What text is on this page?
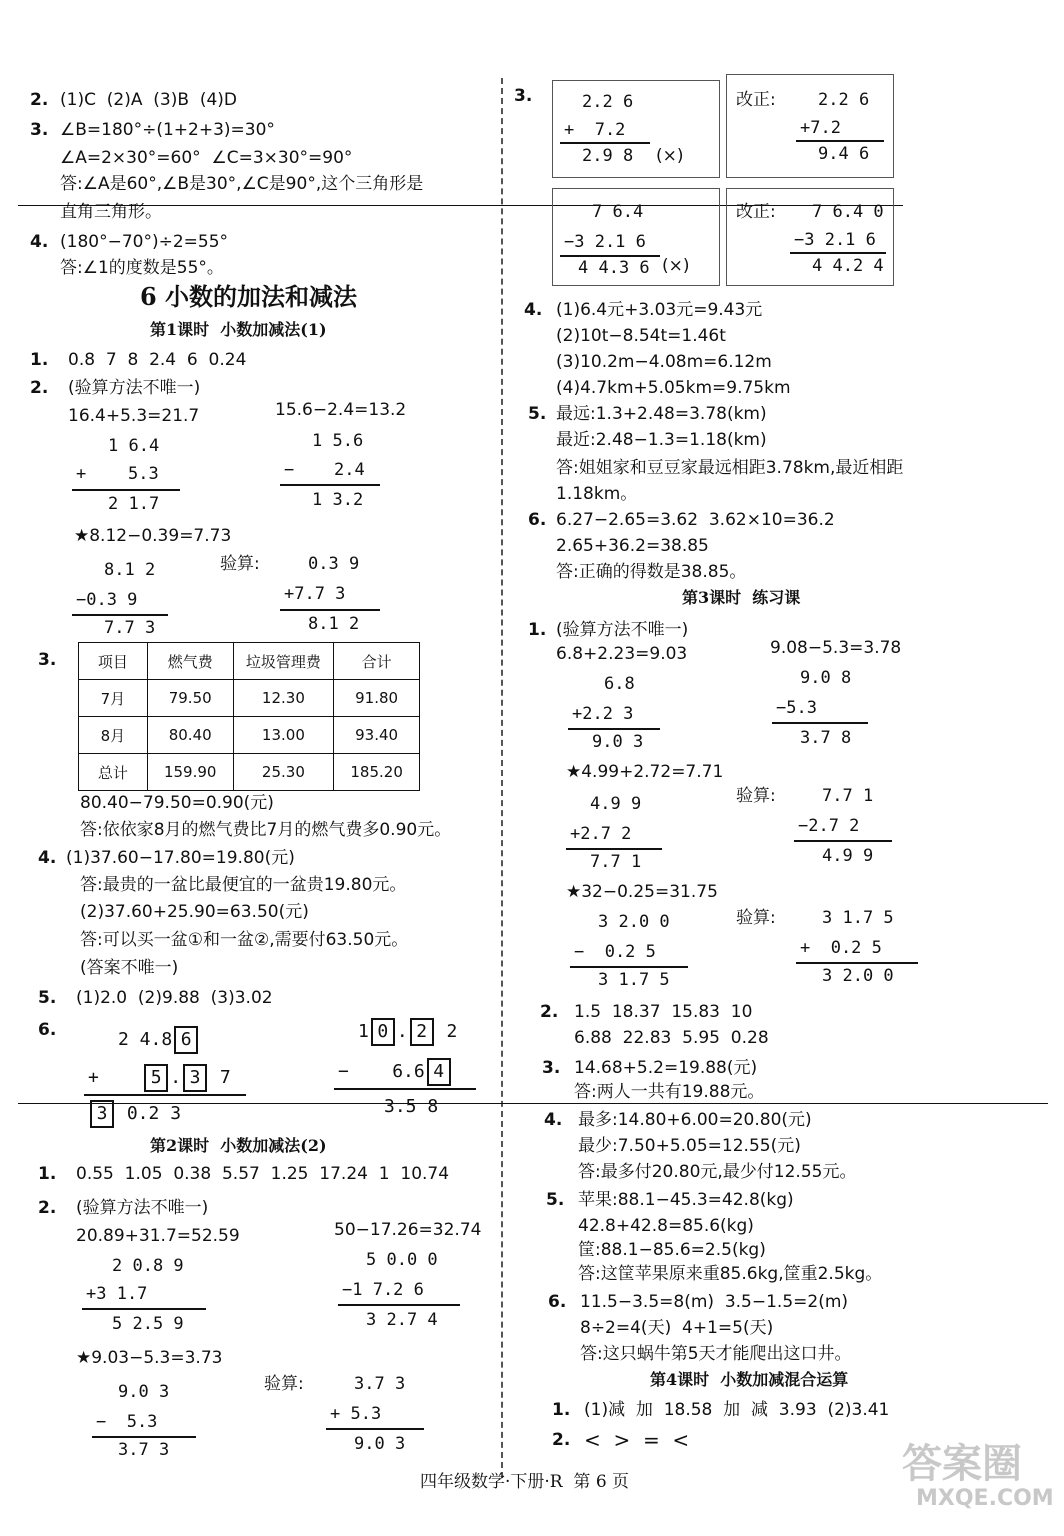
2. (1)C  (2)A  (3)B  (4)D
3. ∠B=180°÷(1+2+3)=30°
∠A=2×30°=60°  ∠C=3×30°=90°
答:∠A是60°,∠B是30°,∠C是90°,这个三角形是
直角三角形。
4. (180°−70°)÷2=55°
答:∠1的度数是55°。
6 小数的加法和减法
第1课时  小数加减法(1)
1. 0.8  7  8  2.4  6  0.24
2. (验算方法不唯一)
16.4+5.3=21.7	15.6−2.4=13.2
1 6.4
+ 5.3
2 1.7
1 5.6
− 2.4
1 3.2
★8.12−0.39=7.73
验算:
8.1 2
−0.3 9
7.7 3
0.3 9
+7.7 3
8.1 2
3.	项目	燃气费	垃圾管理费	合计
7月	79.50	12.30	91.80
8月	80.40	13.00	93.40
总计	159.90	25.30	185.20
80.40−79.50=0.90(元)
答:依依家8月的燃气费比7月的燃气费多0.90元。
4. (1)37.60−17.80=19.80(元)
答:最贵的一盆比最便宜的一盆贵19.80元。
(2)37.60+25.90=63.50(元)
答:可以买一盆①和一盆②,需要付63.50元。
(答案不唯一)
5. (1)2.0  (2)9.88  (3)3.02
6.	2 4.8 6
+	5 . 3 7
3 0.2 3
1 0 . 2 2
− 6.6 4
3.5 8
第2课时  小数加减法(2)
1. 0.55  1.05  0.38  5.57  1.25  17.24  1  10.74
2. (验算方法不唯一)
20.89+31.7=52.59	50−17.26=32.74
2 0.8 9
+3 1.7
5 2.5 9
5 0.0 0
−1 7.2 6
3 2.7 4
★9.03−5.3=3.73
验算:
9.0 3
−  5.3
3.7 3
3.7 3
+ 5.3
9.0 3
3.	2.2 6
+  7.2
2.9 8 (×)
改正: 2.2 6
+7.2
9.4 6
7 6.4
−3 2.1 6
4 4.3 6 (×)
改正: 7 6.4 0
−3 2.1 6
4 4.2 4
4. (1)6.4元+3.03元=9.43元
(2)10t−8.54t=1.46t
(3)10.2m−4.08m=6.12m
(4)4.7km+5.05km=9.75km
5. 最远:1.3+2.48=3.78(km)
最近:2.48−1.3=1.18(km)
答:姐姐家和豆豆家最远相距3.78km,最近相距
1.18km。
6. 6.27−2.65=3.62  3.62×10=36.2
2.65+36.2=38.85
答:正确的得数是38.85。
第3课时  练习课
1. (验算方法不唯一)
6.8+2.23=9.03	9.08−5.3=3.78
6.8
+2.2 3
9.0 3
9.0 8
−5.3
3.7 8
★4.99+2.72=7.71
验算:
4.9 9
+2.7 2
7.7 1
7.7 1
−2.7 2
4.9 9
★32−0.25=31.75
验算:
3 2.0 0
−  0.2 5
3 1.7 5
3 1.7 5
+  0.2 5
3 2.0 0
2. 1.5  18.37  15.83  10
6.88  22.83  5.95  0.28
3. 14.68+5.2=19.88(元)
答:两人一共有19.88元。
4. 最多:14.80+6.00=20.80(元)
最少:7.50+5.05=12.55(元)
答:最多付20.80元,最少付12.55元。
5. 苹果:88.1−45.3=42.8(kg)
42.8+42.8=85.6(kg)
筐:88.1−85.6=2.5(kg)
答:这筐苹果原来重85.6kg,筐重2.5kg。
6. 11.5−3.5=8(m)  3.5−1.5=2(m)
8÷2=4(天)  4+1=5(天)
答:这只蜗牛第5天才能爬出这口井。
第4课时  小数加减混合运算
1. (1)减  加  18.58  加  减  3.93  (2)3.41
2. <  >  =  <
四年级数学·下册·R  第 6 页	答案圈
MXQE.COM
